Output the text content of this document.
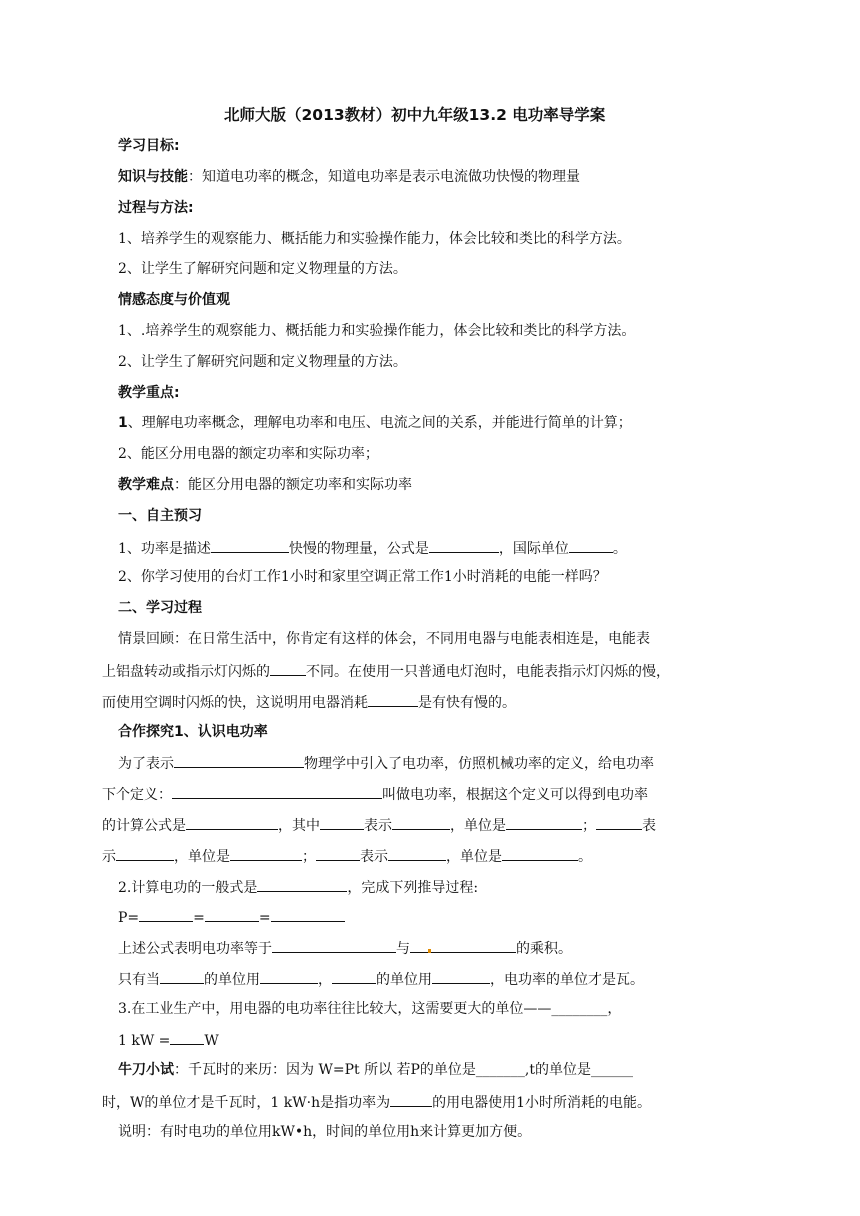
北师大版（2013教材）初中九年级13.2 电功率导学案
学习目标:
知识与技能：知道电功率的概念，知道电功率是表示电流做功快慢的物理量
过程与方法:
1、培养学生的观察能力、概括能力和实验操作能力，体会比较和类比的科学方法。
2、让学生了解研究问题和定义物理量的方法。
情感态度与价值观
1、.培养学生的观察能力、概括能力和实验操作能力，体会比较和类比的科学方法。
2、让学生了解研究问题和定义物理量的方法。
教学重点:
1、理解电功率概念，理解电功率和电压、电流之间的关系，并能进行简单的计算；
2、能区分用电器的额定功率和实际功率；
教学难点：能区分用电器的额定功率和实际功率
一、自主预习
1、功率是描述	快慢的物理量，公式是	，国际单位	。
2、你学习使用的台灯工作1小时和家里空调正常工作1小时消耗的电能一样吗？
二、学习过程
情景回顾：在日常生活中，你肯定有这样的体会，不同用电器与电能表相连是，电能表
上铝盘转动或指示灯闪烁的	不同。在使用一只普通电灯泡时，电能表指示灯闪烁的慢，
而使用空调时闪烁的快，这说明用电器消耗	是有快有慢的。
合作探究1、认识电功率
为了表示	物理学中引入了电功率，仿照机械功率的定义，给电功率
下个定义：	叫做电功率，根据这个定义可以得到电功率
的计算公式是	，其中	表示	，单位是	；	表
示	，单位是	；	表示	，单位是	。
2.计算电功的一般式是	，完成下列推导过程:
P=	=	=
上述公式表明电功率等于	与	的乘积。
只有当	的单位用	，	的单位用	，电功率的单位才是瓦。
3.在工业生产中，用电器的电功率往往比较大，这需要更大的单位——________，
1 kW = W
牛刀小试：千瓦时的来历：因为 W=Pt 所以 若P的单位是_______,t的单位是______
时，W的单位才是千瓦时，1 kW·h是指功率为	的用电器使用1小时所消耗的电能。
说明：有时电功的单位用kW•h，时间的单位用h来计算更加方便。
